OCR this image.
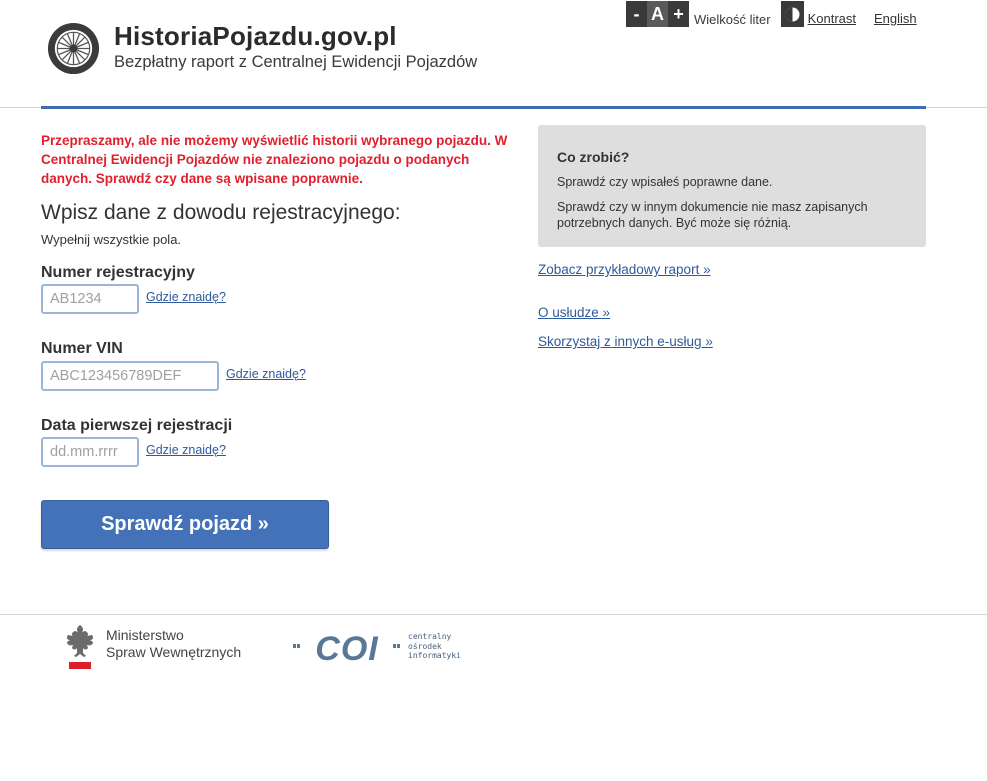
HistoriaPojazdu.gov.pl
Bezpłatny raport z Centralnej Ewidencji Pojazdów
- A + Wielkość liter	Kontrast English
Przepraszamy, ale nie możemy wyświetlić historii wybranego pojazdu. W Centralnej Ewidencji Pojazdów nie znaleziono pojazdu o podanych danych. Sprawdź czy dane są wpisane poprawnie.
Wpisz dane z dowodu rejestracyjnego:
Wypełnij wszystkie pola.
Numer rejestracyjny
AB1234
Gdzie znaidę?
Numer VIN
ABC123456789DEF
Gdzie znaidę?
Data pierwszej rejestracji
dd.mm.rrrr
Gdzie znaidę?
Sprawdź pojazd »
Co zrobić?
Sprawdź czy wpisałeś poprawne dane.
Sprawdź czy w innym dokumencie nie masz zapisanych potrzebnych danych. Być może się różnią.
Zobacz przykładowy raport »
O usłudze »
Skorzystaj z innych e-usług »
Ministerstwo
Spraw Wewnętrznych COI	centralny
ośrodek
informatyki
